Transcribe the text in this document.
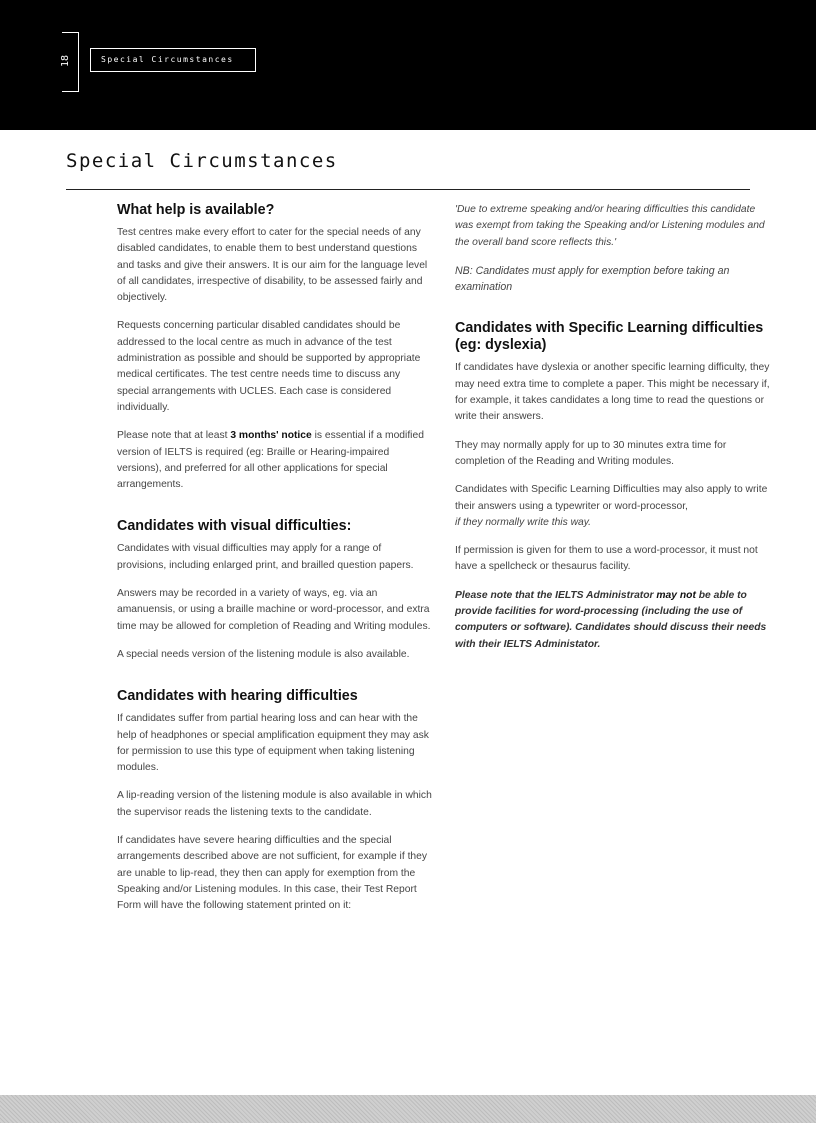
18	Special Circumstances
Special Circumstances
What help is available?

Test centres make every effort to cater for the special needs of any disabled candidates, to enable them to best understand questions and tasks and give their answers. It is our aim for the language level of all candidates, irrespective of disability, to be assessed fairly and objectively.

Requests concerning particular disabled candidates should be addressed to the local centre as much in advance of the test administration as possible and should be supported by appropriate medical certificates. The test centre needs time to discuss any special arrangements with UCLES. Each case is considered individually.

Please note that at least 3 months' notice is essential if a modified version of IELTS is required (eg: Braille or Hearing-impaired versions), and preferred for all other applications for special arrangements.

Candidates with visual difficulties:

Candidates with visual difficulties may apply for a range of provisions, including enlarged print, and brailled question papers.

Answers may be recorded in a variety of ways, eg. via an amanuensis, or using a braille machine or word-processor, and extra time may be allowed for completion of Reading and Writing modules.

A special needs version of the listening module is also available.

Candidates with hearing difficulties

If candidates suffer from partial hearing loss and can hear with the help of headphones or special amplification equipment they may ask for permission to use this type of equipment when taking listening modules.

A lip-reading version of the listening module is also available in which the supervisor reads the listening texts to the candidate.

If candidates have severe hearing difficulties and the special arrangements described above are not sufficient, for example if they are unable to lip-read, they then can apply for exemption from the Speaking and/or Listening modules. In this case, their Test Report Form will have the following statement printed on it:

'Due to extreme speaking and/or hearing difficulties this candidate was exempt from taking the Speaking and/or Listening modules and the overall band score reflects this.'

NB: Candidates must apply for exemption before taking an examination

Candidates with Specific Learning difficulties (eg: dyslexia)

If candidates have dyslexia or another specific learning difficulty, they may need extra time to complete a paper. This might be necessary if, for example, it takes candidates a long time to read the questions or write their answers.

They may normally apply for up to 30 minutes extra time for completion of the Reading and Writing modules.

Candidates with Specific Learning Difficulties may also apply to write their answers using a typewriter or word-processor,
if they normally write this way.

If permission is given for them to use a word-processor, it must not have a spellcheck or thesaurus facility.

Please note that the IELTS Administrator may not be able to provide facilities for word-processing (including the use of computers or software). Candidates should discuss their needs with their IELTS Administator.
